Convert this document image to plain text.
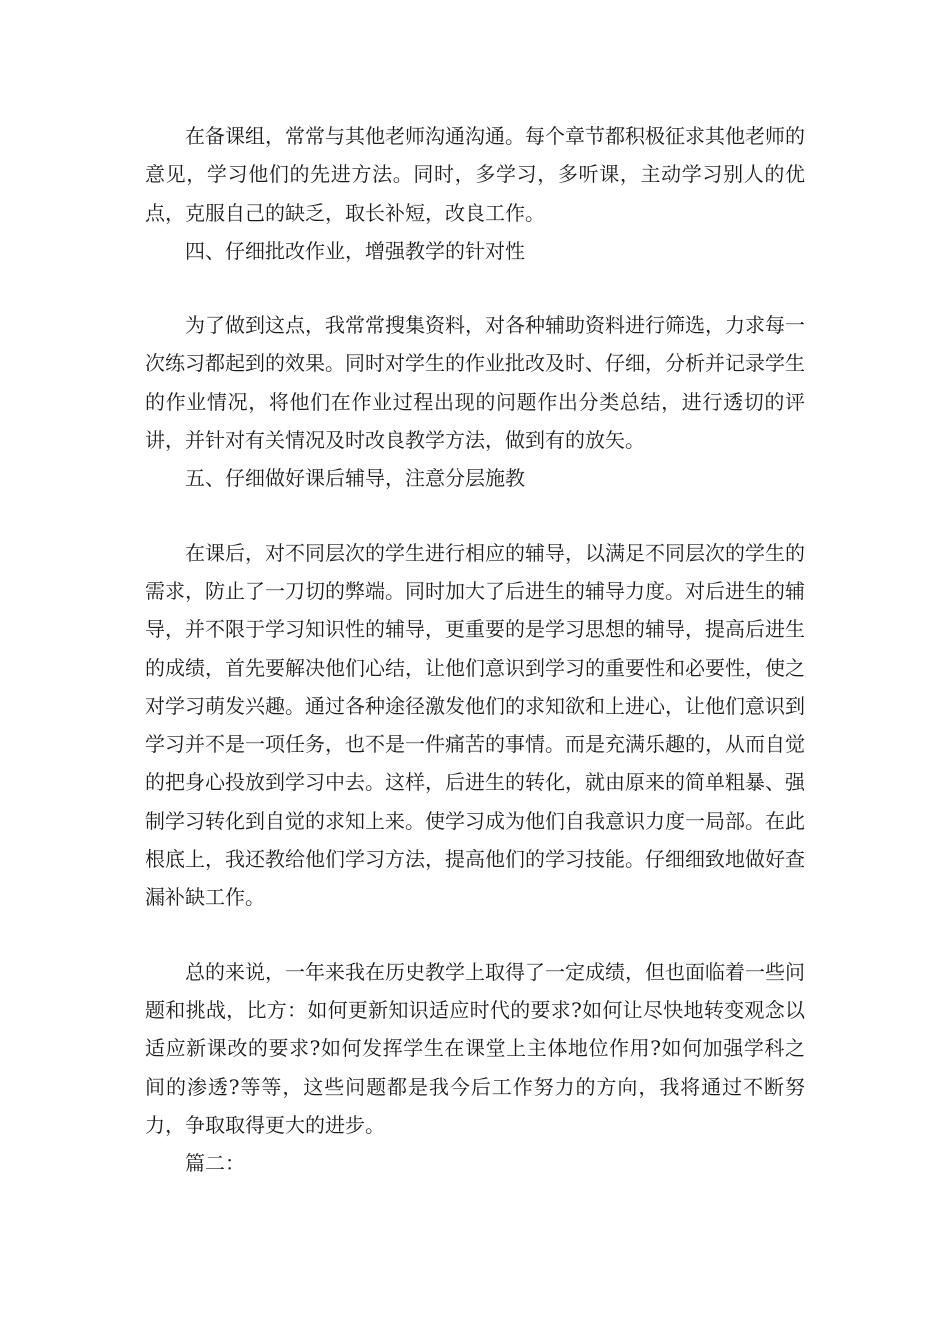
在备课组，常常与其他老师沟通沟通。每个章节都积极征求其他老师的意见，学习他们的先进方法。同时，多学习，多听课，主动学习别人的优点，克服自己的缺乏，取长补短，改良工作。

四、仔细批改作业，增强教学的针对性

为了做到这点，我常常搜集资料，对各种辅助资料进行筛选，力求每一次练习都起到的效果。同时对学生的作业批改及时、仔细，分析并记录学生的作业情况，将他们在作业过程出现的问题作出分类总结，进行透切的评讲，并针对有关情况及时改良教学方法，做到有的放矢。

五、仔细做好课后辅导，注意分层施教

在课后，对不同层次的学生进行相应的辅导，以满足不同层次的学生的需求，防止了一刀切的弊端。同时加大了后进生的辅导力度。对后进生的辅导，并不限于学习知识性的辅导，更重要的是学习思想的辅导，提高后进生的成绩，首先要解决他们心结，让他们意识到学习的重要性和必要性，使之对学习萌发兴趣。通过各种途径激发他们的求知欲和上进心，让他们意识到学习并不是一项任务，也不是一件痛苦的事情。而是充满乐趣的，从而自觉的把身心投放到学习中去。这样，后进生的转化，就由原来的简单粗暴、强制学习转化到自觉的求知上来。使学习成为他们自我意识力度一局部。在此根底上，我还教给他们学习方法，提高他们的学习技能。仔细细致地做好查漏补缺工作。

总的来说，一年来我在历史教学上取得了一定成绩，但也面临着一些问题和挑战，比方：如何更新知识适应时代的要求?如何让尽快地转变观念以适应新课改的要求?如何发挥学生在课堂上主体地位作用?如何加强学科之间的渗透?等等，这些问题都是我今后工作努力的方向，我将通过不断努力，争取取得更大的进步。

篇二：
